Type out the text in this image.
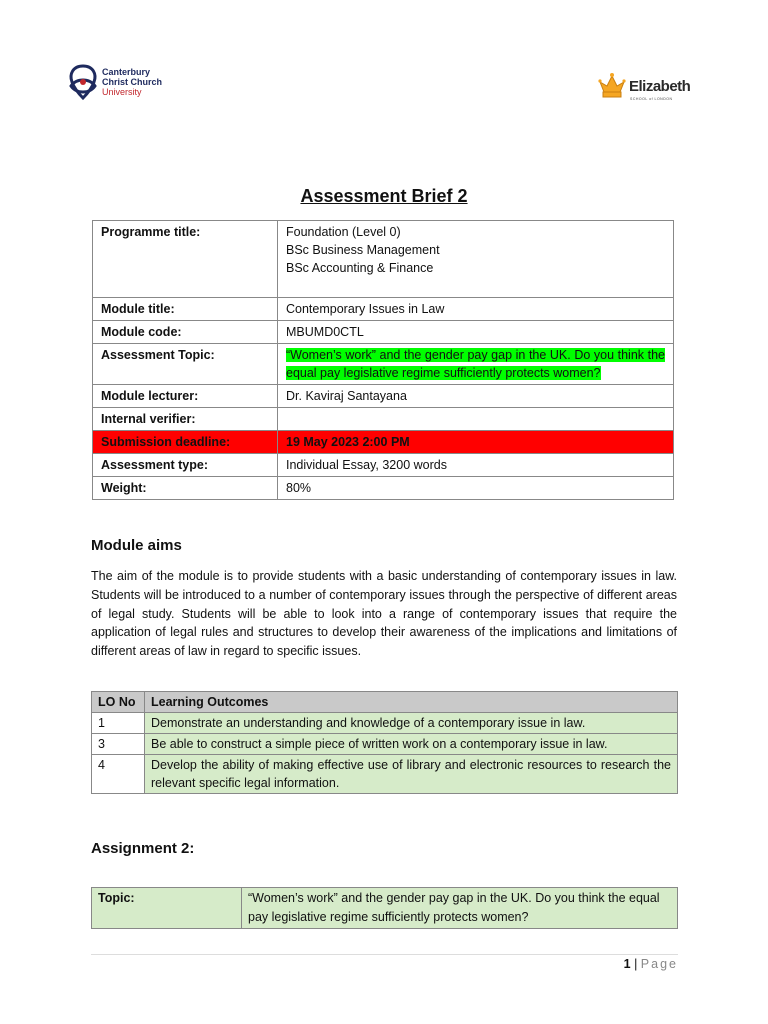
Canterbury
Christ Church
University	Elizabeth
SCHOOL of LONDON
Assessment Brief 2
Programme title:	Foundation (Level 0)
BSc Business Management
BSc Accounting & Finance

Module title:	Contemporary Issues in Law
Module code:	MBUMD0CTL
Assessment Topic:	“Women’s work” and the gender pay gap in the UK. Do you think the equal pay legislative regime sufficiently protects women?
Module lecturer:	Dr. Kaviraj Santayana
Internal verifier:	
Submission deadline:	19 May 2023 2:00 PM
Assessment type:	Individual Essay, 3200 words
Weight:	80%
Module aims

The aim of the module is to provide students with a basic understanding of contemporary issues in law. Students will be introduced to a number of contemporary issues through the perspective of different areas of legal study. Students will be able to look into a range of contemporary issues that require the application of legal rules and structures to develop their awareness of the implications and limitations of different areas of law in regard to specific issues.

LO No	Learning Outcomes
1	Demonstrate an understanding and knowledge of a contemporary issue in law.
3	Be able to construct a simple piece of written work on a contemporary issue in law.
4	Develop the ability of making effective use of library and electronic resources to research the relevant specific legal information.
Assignment 2:
Topic:	“Women’s work” and the gender pay gap in the UK. Do you think the equal pay legislative regime sufficiently protects women?
1 | Page
